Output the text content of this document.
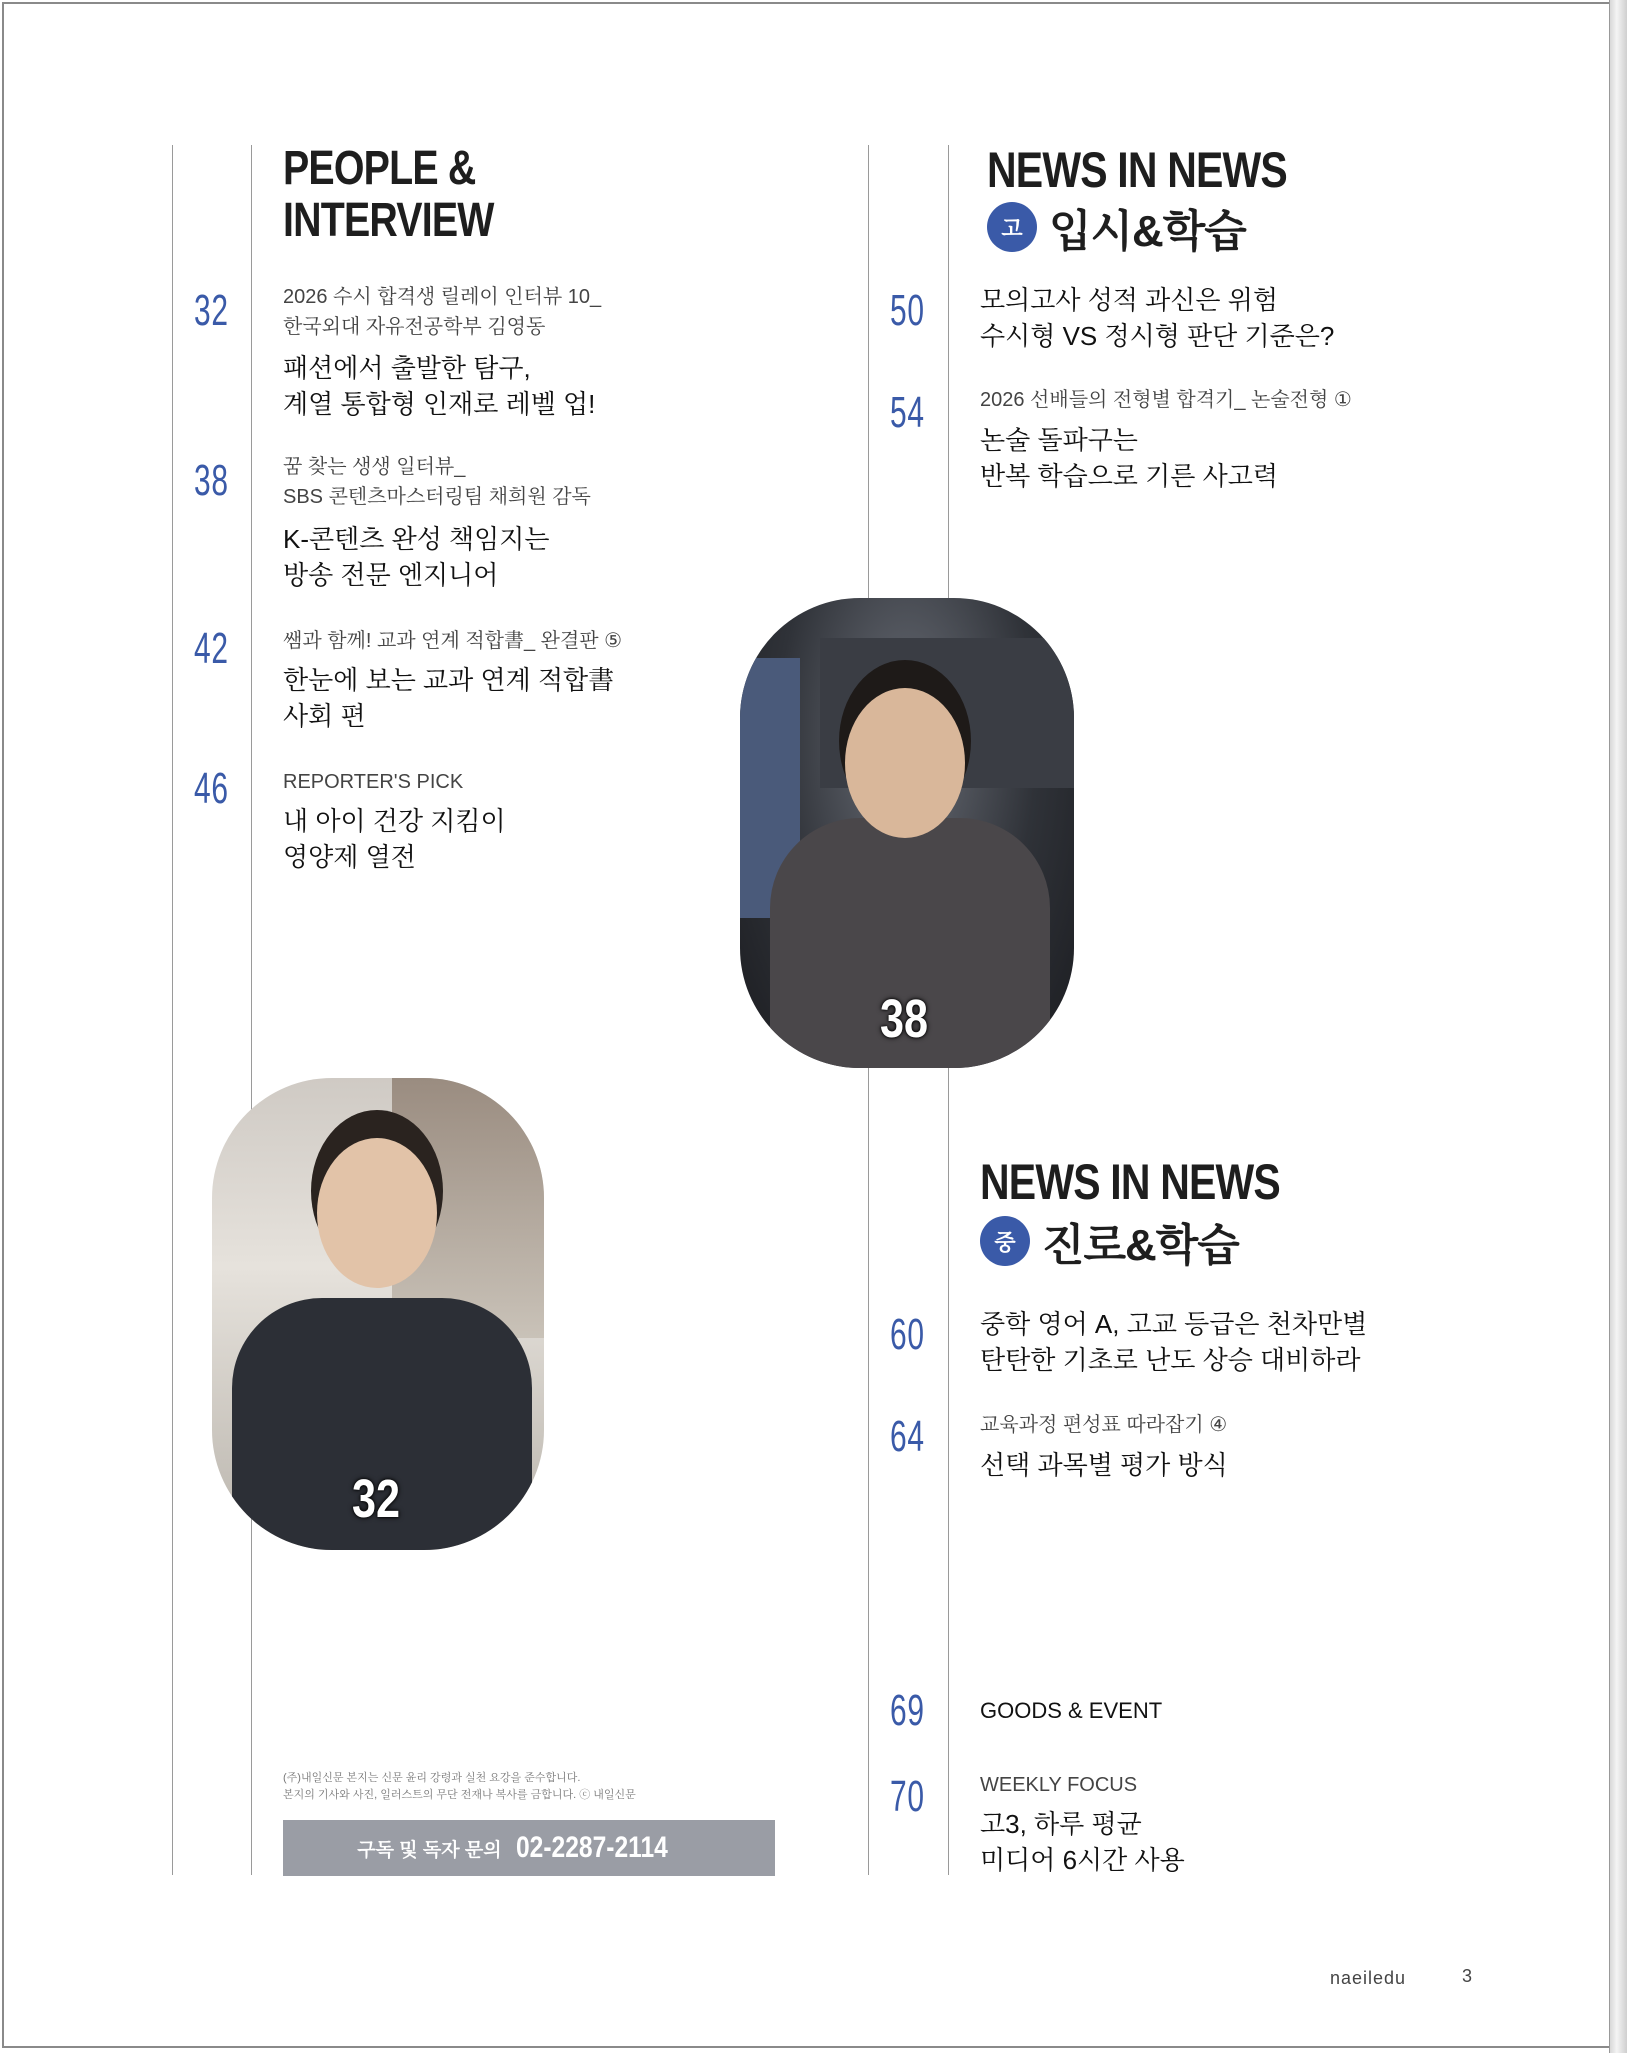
PEOPLE &
INTERVIEW
32	2026 수시 합격생 릴레이 인터뷰 10_
한국외대 자유전공학부 김영동
패션에서 출발한 탐구,
계열 통합형 인재로 레벨 업!
38	꿈 찾는 생생 일터뷰_
SBS 콘텐츠마스터링팀 채희원 감독
K-콘텐츠 완성 책임지는
방송 전문 엔지니어
42	쌤과 함께! 교과 연계 적합書_ 완결판 ⑤
한눈에 보는 교과 연계 적합書
사회 편
46	REPORTER'S PICK
내 아이 건강 지킴이
영양제 열전
NEWS IN NEWS
고 입시&학습
50 모의고사 성적 과신은 위험
수시형 VS 정시형 판단 기준은?
54	2026 선배들의 전형별 합격기_ 논술전형 ①
논술 돌파구는
반복 학습으로 기른 사고력
38
32
NEWS IN NEWS
중 진로&학습
60 중학 영어 A, 고교 등급은 천차만별
탄탄한 기초로 난도 상승 대비하라
64	교육과정 편성표 따라잡기 ④
선택 과목별 평가 방식
69	GOODS & EVENT
70	WEEKLY FOCUS
고3, 하루 평균
미디어 6시간 사용
(주)내일신문 본지는 신문 윤리 강령과 실천 요강을 준수합니다.
본지의 기사와 사진, 일러스트의 무단 전재나 복사를 금합니다. ⓒ 내일신문
구독 및 독자 문의 02-2287-2114
naeiledu	3
